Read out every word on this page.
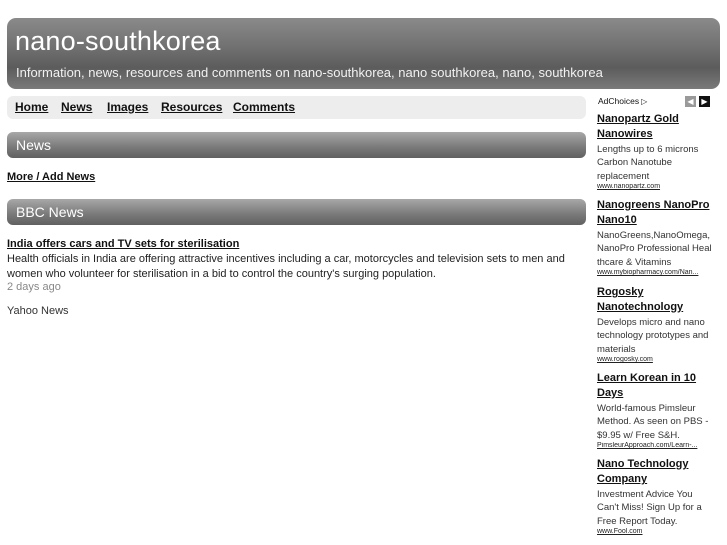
nano-southkorea
Information, news, resources and comments on nano-southkorea, nano southkorea, nano, southkorea
Home News Images Resources Comments
News
More / Add News
BBC News
India offers cars and TV sets for sterilisation
Health officials in India are offering attractive incentives including a car, motorcycles and television sets to men and women who volunteer for sterilisation in a bid to control the country's surging population.
2 days ago
Yahoo News
AdChoices ▷	◀ ▶
Nanopartz Gold Nanowires
Lengths up to 6 microns Carbon Nanotube replacement
www.nanopartz.com
Nanogreens NanoPro Nano10
NanoGreens,NanoOmega,NanoPro Professional Healthcare & Vitamins
www.mybiopharmacy.com/Nan...
Rogosky Nanotechnology
Develops micro and nano technology prototypes and materials
www.rogosky.com
Learn Korean in 10 Days
World-famous Pimsleur Method. As seen on PBS - $9.95 w/ Free S&H.
PimsleurApproach.com/Learn-...
Nano Technology Company
Investment Advice You Can't Miss! Sign Up for a Free Report Today.
www.Fool.com
